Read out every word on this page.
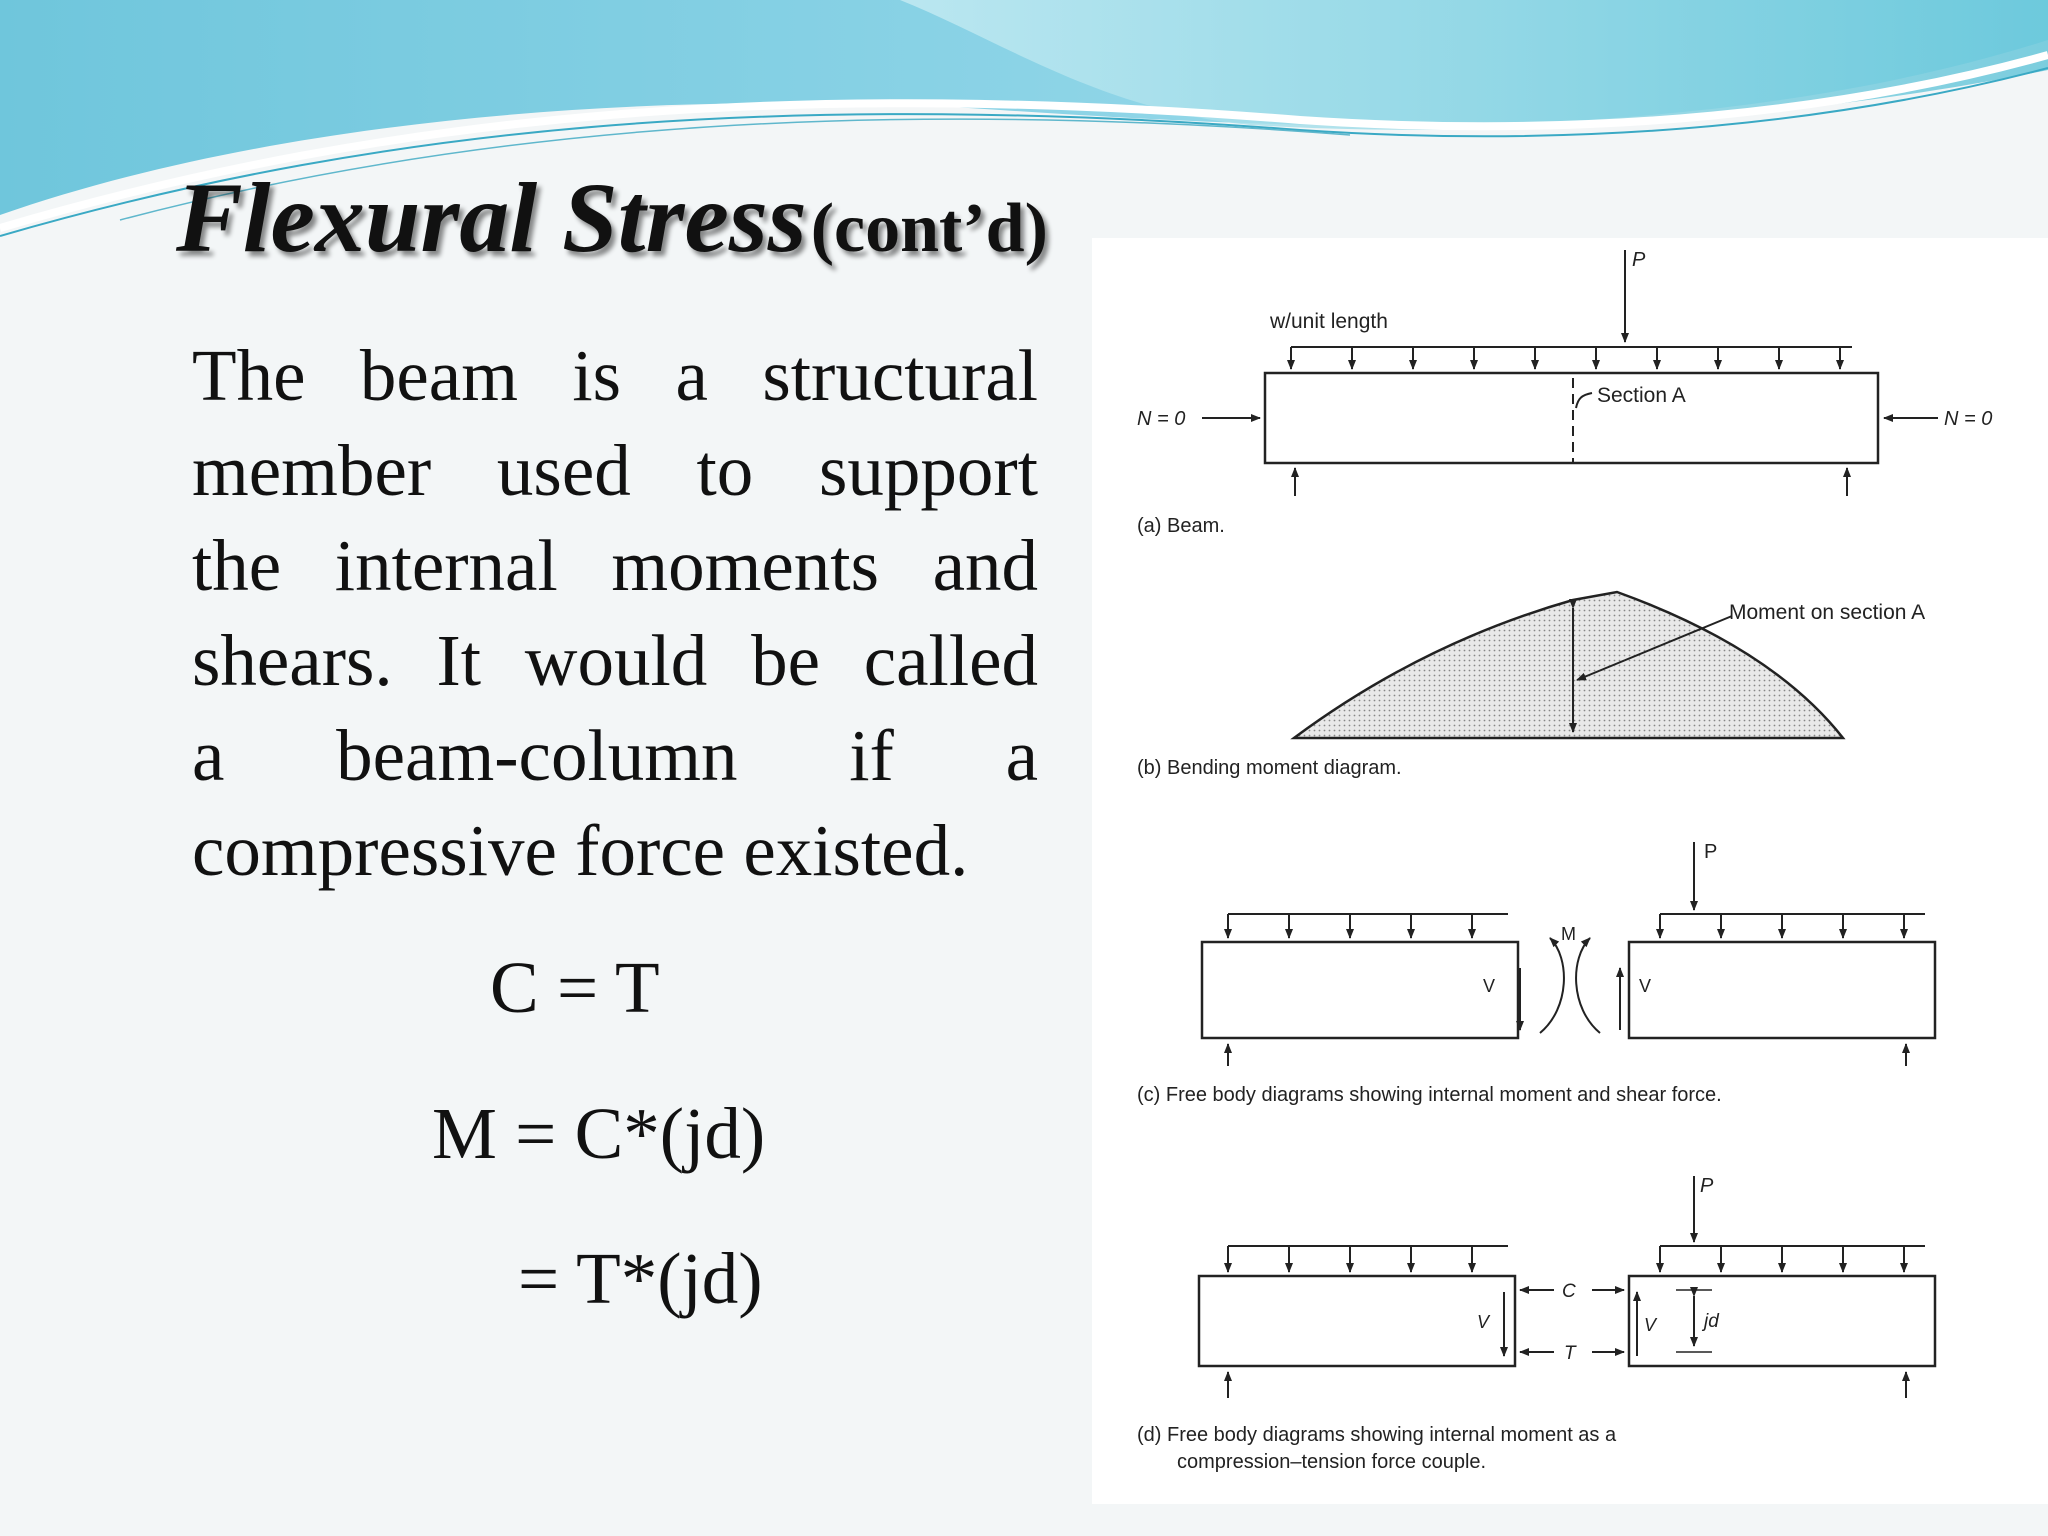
Flexural Stress (cont’d)
The beam is a structural
member used to support
the internal moments and
shears. It would be called
a beam-column if a
compressive force existed.
C = T
M = C*(jd)
= T*(jd)
P
w/unit length
Section A
N = 0	N = 0
(a) Beam.
Moment on section A
(b) Bending moment diagram.
P
M
V	V
(c) Free body diagrams showing internal moment and shear force.
P
C
T
V	V	jd
(d) Free body diagrams showing internal moment as a
compression–tension force couple.
